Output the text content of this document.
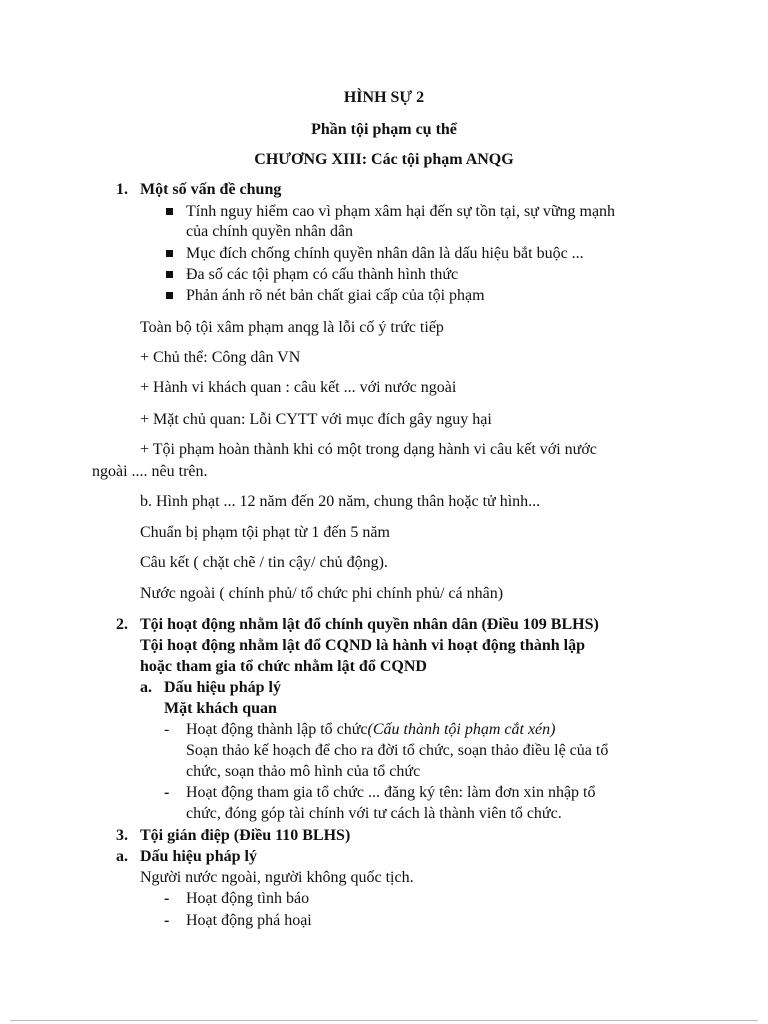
HÌNH SỰ 2
Phần tội phạm cụ thể
CHƯƠNG XIII: Các tội phạm ANQG
1. Một số vấn đề chung
Tính nguy hiểm cao vì phạm xâm hại đến sự tồn tại, sự vững mạnh
của chính quyền nhân dân
Mục đích chống chính quyền nhân dân là dấu hiệu bắt buộc ...
Đa số các tội phạm có cấu thành hình thức
Phản ánh rõ nét bản chất giai cấp của tội phạm
Toàn bộ tội xâm phạm anqg là lỗi cố ý trức tiếp
+ Chủ thể: Công dân VN
+ Hành vi khách quan : câu kết ... với nước ngoài
+ Mặt chủ quan: Lỗi CYTT với mục đích gây nguy hại
+ Tội phạm hoàn thành khi có một trong dạng hành vi câu kết với nước
ngoài .... nêu trên.
b. Hình phạt ... 12 năm đến 20 năm, chung thân hoặc tử hình...
Chuẩn bị phạm tội phạt từ 1 đến 5 năm
Câu kết ( chặt chẽ / tin cậy/ chủ động).
Nước ngoài ( chính phủ/ tổ chức phi chính phủ/ cá nhân)
2. Tội hoạt động nhằm lật đổ chính quyền nhân dân (Điều 109 BLHS)
Tội hoạt động nhằm lật đổ CQND là hành vi hoạt động thành lập
hoặc tham gia tổ chức nhằm lật đổ CQND
a. Dấu hiệu pháp lý
Mặt khách quan
- Hoạt động thành lập tổ chức(Cấu thành tội phạm cắt xén)
Soạn thảo kế hoạch để cho ra đời tổ chức, soạn thảo điều lệ của tổ
chức, soạn thảo mô hình của tổ chức
- Hoạt động tham gia tổ chức ... đăng ký tên: làm đơn xin nhập tổ
chức, đóng góp tài chính với tư cách là thành viên tổ chức.
3. Tội gián điệp (Điều 110 BLHS)
a. Dấu hiệu pháp lý
Người nước ngoài, người không quốc tịch.
- Hoạt động tình báo
- Hoạt động phá hoại
